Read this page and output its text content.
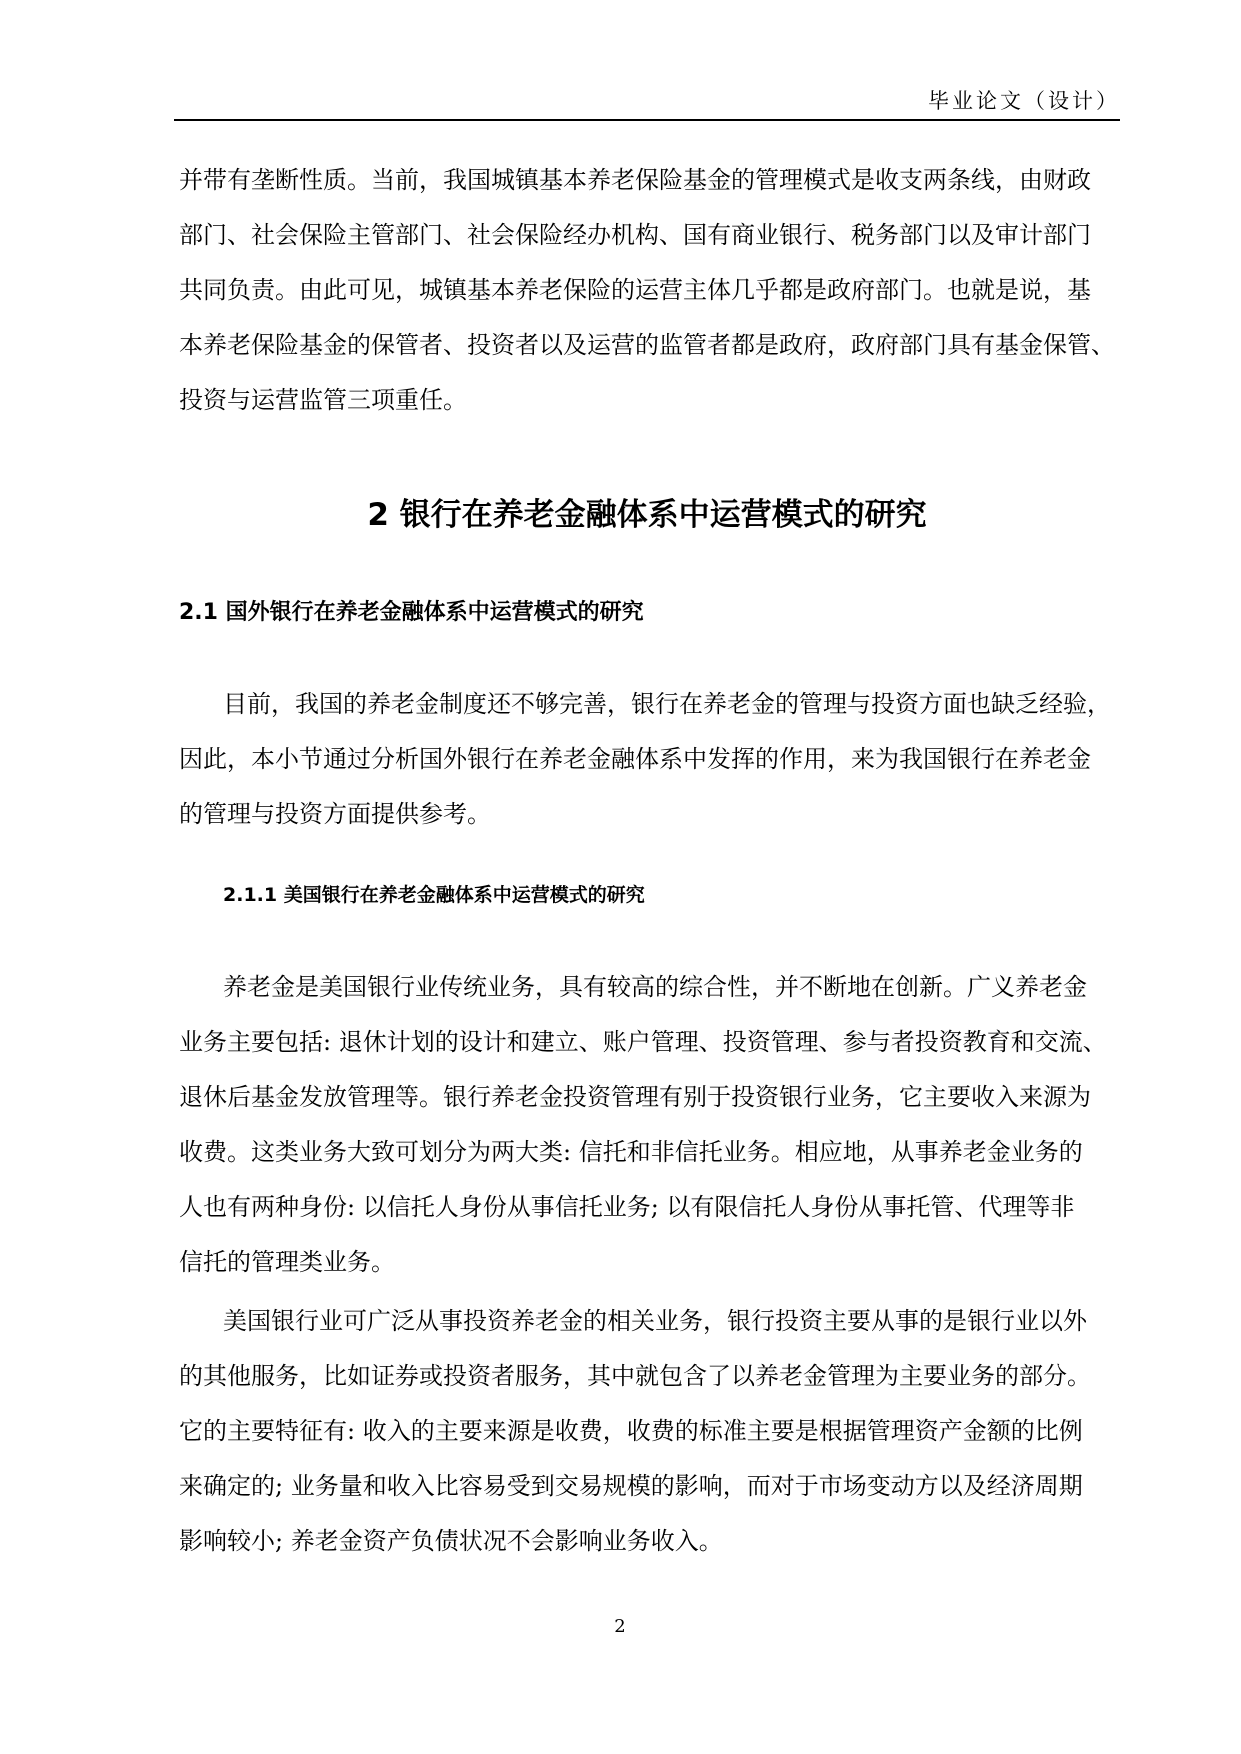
毕业论文（设计）
并带有垄断性质。当前，我国城镇基本养老保险基金的管理模式是收支两条线，由财政
部门、社会保险主管部门、社会保险经办机构、国有商业银行、税务部门以及审计部门
共同负责。由此可见，城镇基本养老保险的运营主体几乎都是政府部门。也就是说，基
本养老保险基金的保管者、投资者以及运营的监管者都是政府，政府部门具有基金保管、
投资与运营监管三项重任。
2 银行在养老金融体系中运营模式的研究
2.1 国外银行在养老金融体系中运营模式的研究
目前，我国的养老金制度还不够完善，银行在养老金的管理与投资方面也缺乏经验，
因此，本小节通过分析国外银行在养老金融体系中发挥的作用，来为我国银行在养老金
的管理与投资方面提供参考。
2.1.1 美国银行在养老金融体系中运营模式的研究
养老金是美国银行业传统业务，具有较高的综合性，并不断地在创新。广义养老金
业务主要包括: 退休计划的设计和建立、账户管理、投资管理、参与者投资教育和交流、
退休后基金发放管理等。银行养老金投资管理有别于投资银行业务，它主要收入来源为
收费。这类业务大致可划分为两大类: 信托和非信托业务。相应地，从事养老金业务的
人也有两种身份: 以信托人身份从事信托业务; 以有限信托人身份从事托管、代理等非
信托的管理类业务。
美国银行业可广泛从事投资养老金的相关业务，银行投资主要从事的是银行业以外
的其他服务，比如证券或投资者服务，其中就包含了以养老金管理为主要业务的部分。
它的主要特征有: 收入的主要来源是收费，收费的标准主要是根据管理资产金额的比例
来确定的; 业务量和收入比容易受到交易规模的影响，而对于市场变动方以及经济周期
影响较小; 养老金资产负债状况不会影响业务收入。
2
